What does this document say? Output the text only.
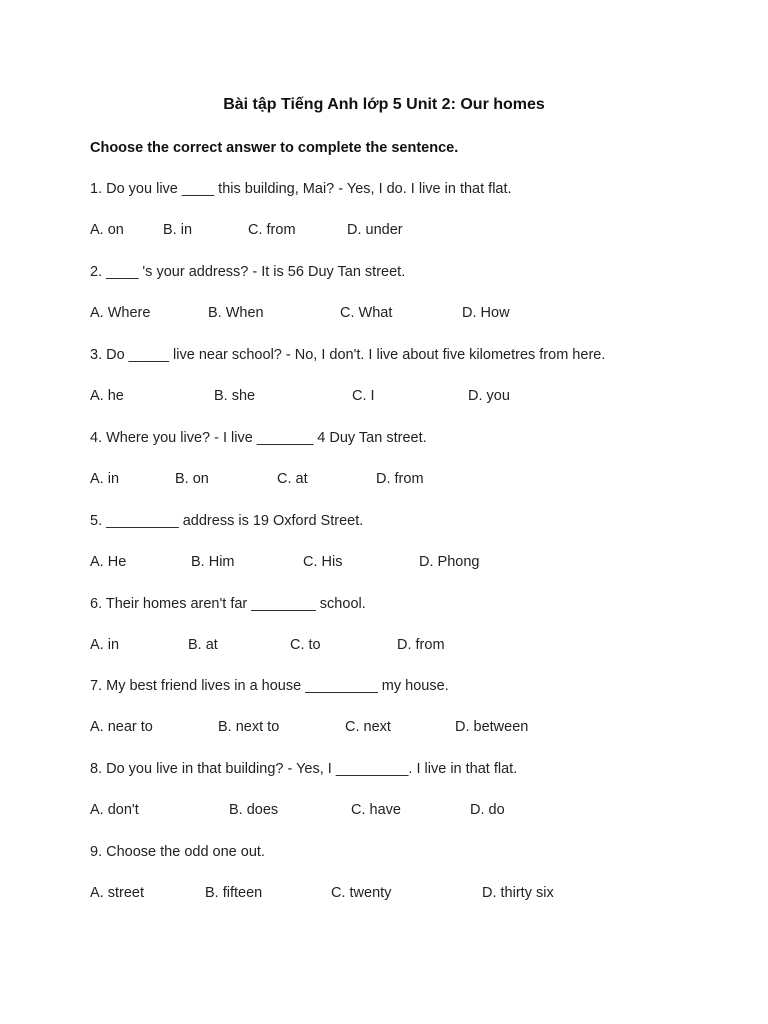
Bài tập Tiếng Anh lớp 5 Unit 2: Our homes
Choose the correct answer to complete the sentence.
1. Do you live ____ this building, Mai? - Yes, I do. I live in that flat.
A. on	B. in	C. from	D. under
2. ____ 's your address? - It is 56 Duy Tan street.
A. Where	B. When	C. What	D. How
3. Do _____ live near school? - No, I don't. I live about five kilometres from here.
A. he	B. she	C. I	D. you
4. Where you live? - I live _______ 4 Duy Tan street.
A. in	B. on	C. at	D. from
5. _________ address is 19 Oxford Street.
A. He	B. Him	C. His	D. Phong
6. Their homes aren't far ________ school.
A. in	B. at	C. to	D. from
7. My best friend lives in a house _________ my house.
A. near to	B. next to	C. next	D. between
8. Do you live in that building? - Yes, I _________. I live in that flat.
A. don't	B. does	C. have	D. do
9. Choose the odd one out.
A. street	B. fifteen	C. twenty	D. thirty six
